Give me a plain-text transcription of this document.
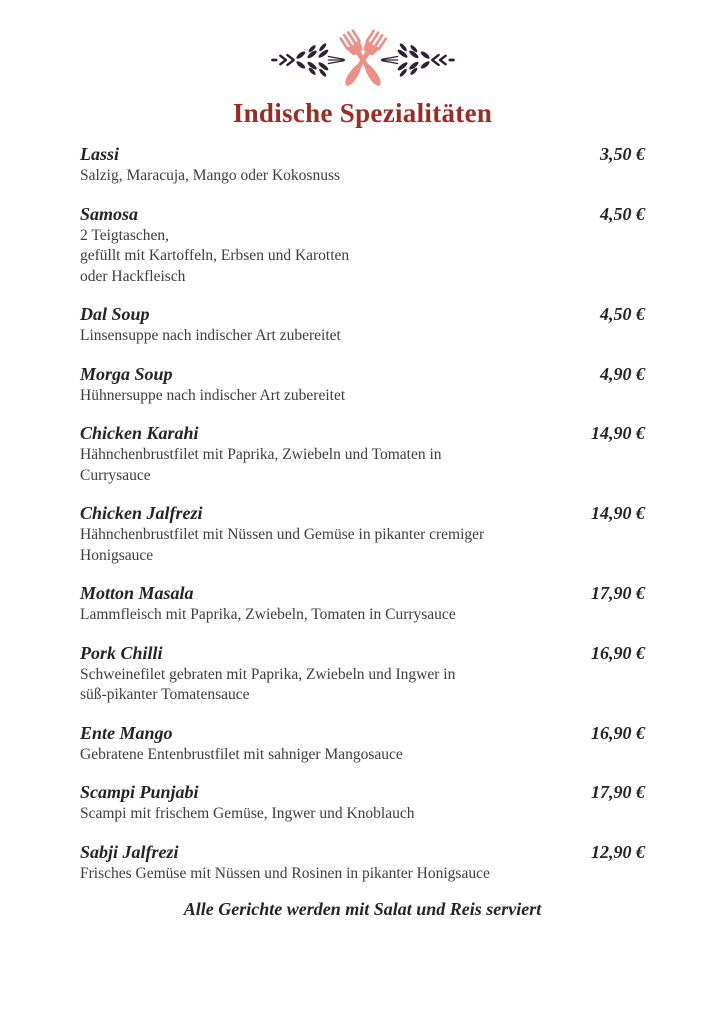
Indische Spezialitäten
Lassi	3,50 €

Salzig, Maracuja, Mango oder Kokosnuss

Samosa	4,50 €

2 Teigtaschen,
gefüllt mit Kartoffeln, Erbsen und Karotten
oder Hackfleisch

Dal Soup	4,50 €

Linsensuppe nach indischer Art zubereitet

Morga Soup	4,90 €

Hühnersuppe nach indischer Art zubereitet

Chicken Karahi	14,90 €

Hähnchenbrustfilet mit Paprika, Zwiebeln und Tomaten in
Currysauce

Chicken Jalfrezi	14,90 €

Hähnchenbrustfilet mit Nüssen und Gemüse in pikanter cremiger
Honigsauce

Motton Masala	17,90 €

Lammfleisch mit Paprika, Zwiebeln, Tomaten in Currysauce

Pork Chilli	16,90 €

Schweinefilet gebraten mit Paprika, Zwiebeln und Ingwer in
süß-pikanter Tomatensauce

Ente Mango	16,90 €

Gebratene Entenbrustfilet mit sahniger Mangosauce

Scampi Punjabi	17,90 €

Scampi mit frischem Gemüse, Ingwer und Knoblauch

Sabji Jalfrezi	12,90 €

Frisches Gemüse mit Nüssen und Rosinen in pikanter Honigsauce

Alle Gerichte werden mit Salat und Reis serviert
